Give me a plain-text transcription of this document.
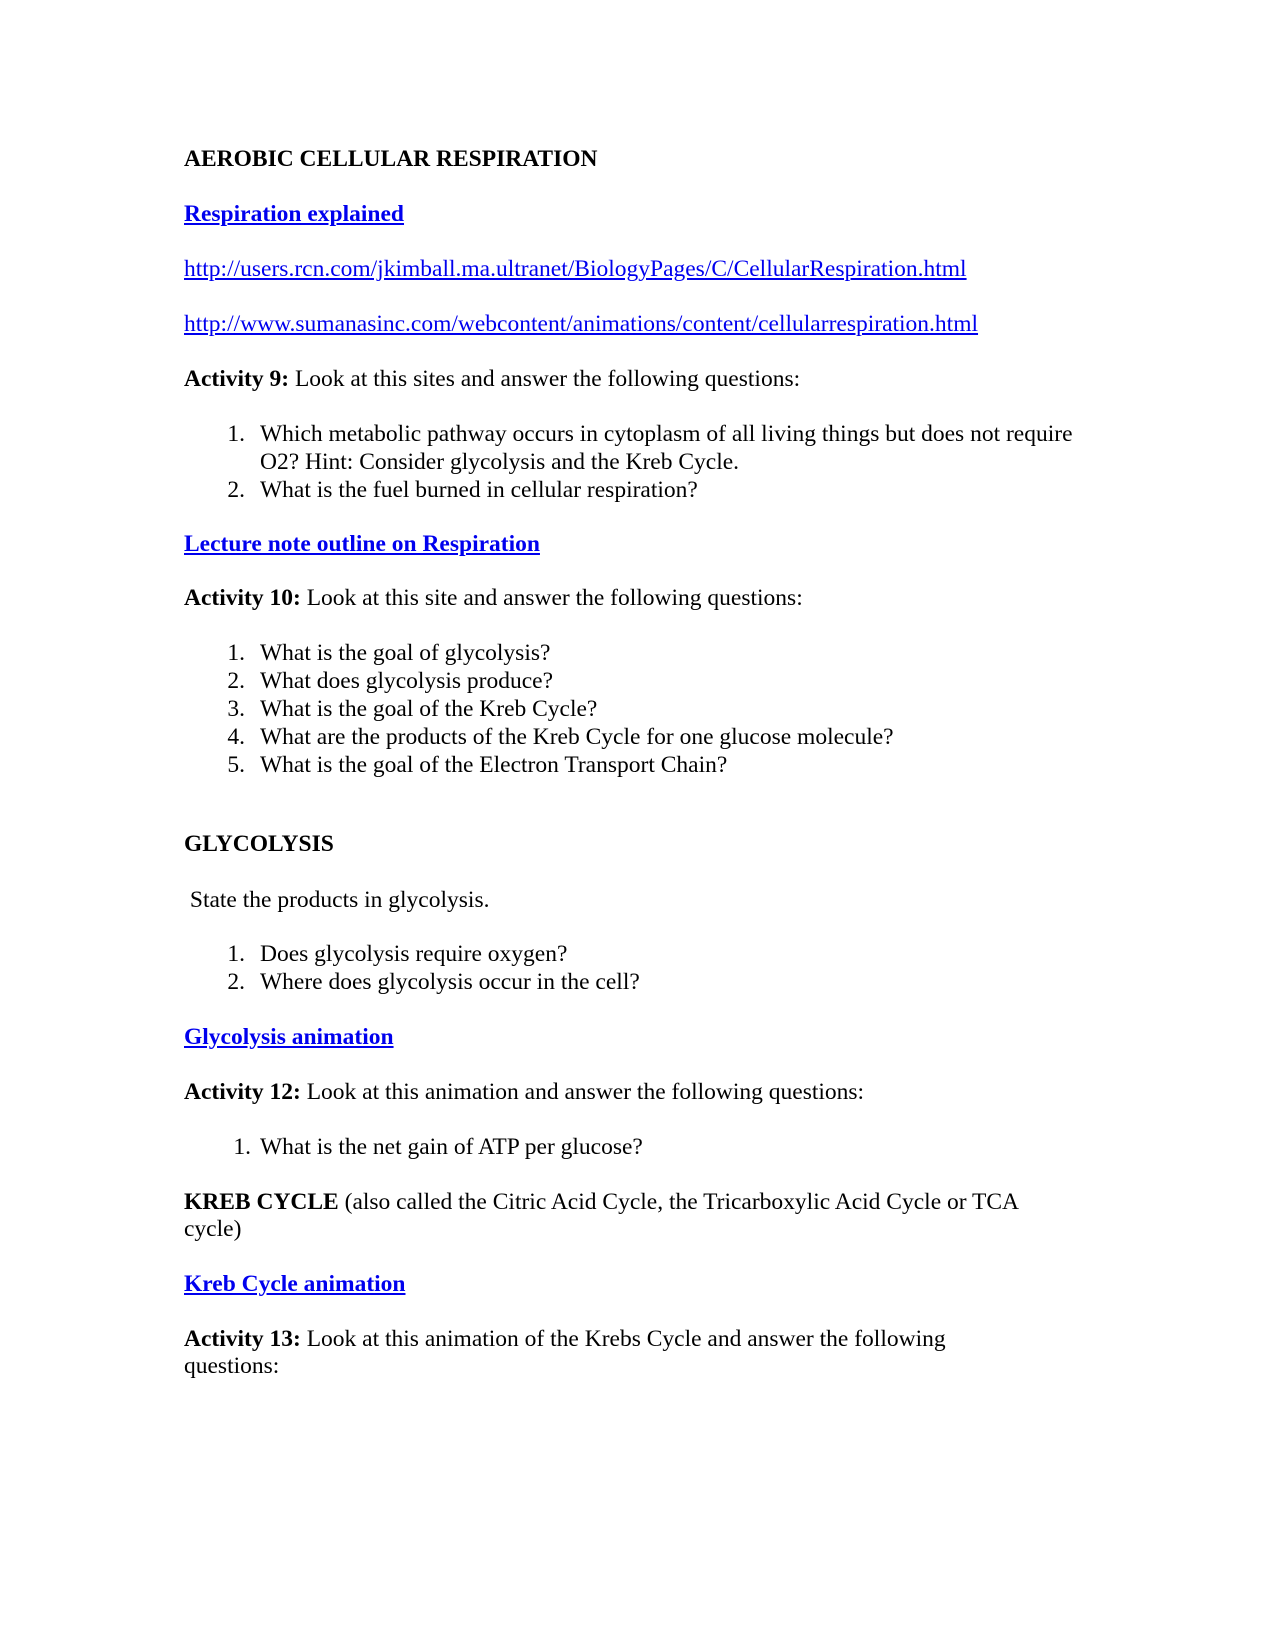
AEROBIC CELLULAR RESPIRATION
Respiration explained
http://users.rcn.com/jkimball.ma.ultranet/BiologyPages/C/CellularRespiration.html
http://www.sumanasinc.com/webcontent/animations/content/cellularrespiration.html
Activity 9: Look at this sites and answer the following questions:
1. Which metabolic pathway occurs in cytoplasm of all living things but does not require O2? Hint: Consider glycolysis and the Kreb Cycle.
2. What is the fuel burned in cellular respiration?
Lecture note outline on Respiration
Activity 10: Look at this site and answer the following questions:
1. What is the goal of glycolysis?
2. What does glycolysis produce?
3. What is the goal of the Kreb Cycle?
4. What are the products of the Kreb Cycle for one glucose molecule?
5. What is the goal of the Electron Transport Chain?
GLYCOLYSIS
State the products in glycolysis.
1. Does glycolysis require oxygen?
2. Where does glycolysis occur in the cell?
Glycolysis animation
Activity 12: Look at this animation and answer the following questions:
1. What is the net gain of ATP per glucose?
KREB CYCLE (also called the Citric Acid Cycle, the Tricarboxylic Acid Cycle or TCA
cycle)
Kreb Cycle animation
Activity 13: Look at this animation of the Krebs Cycle and answer the following
questions:
